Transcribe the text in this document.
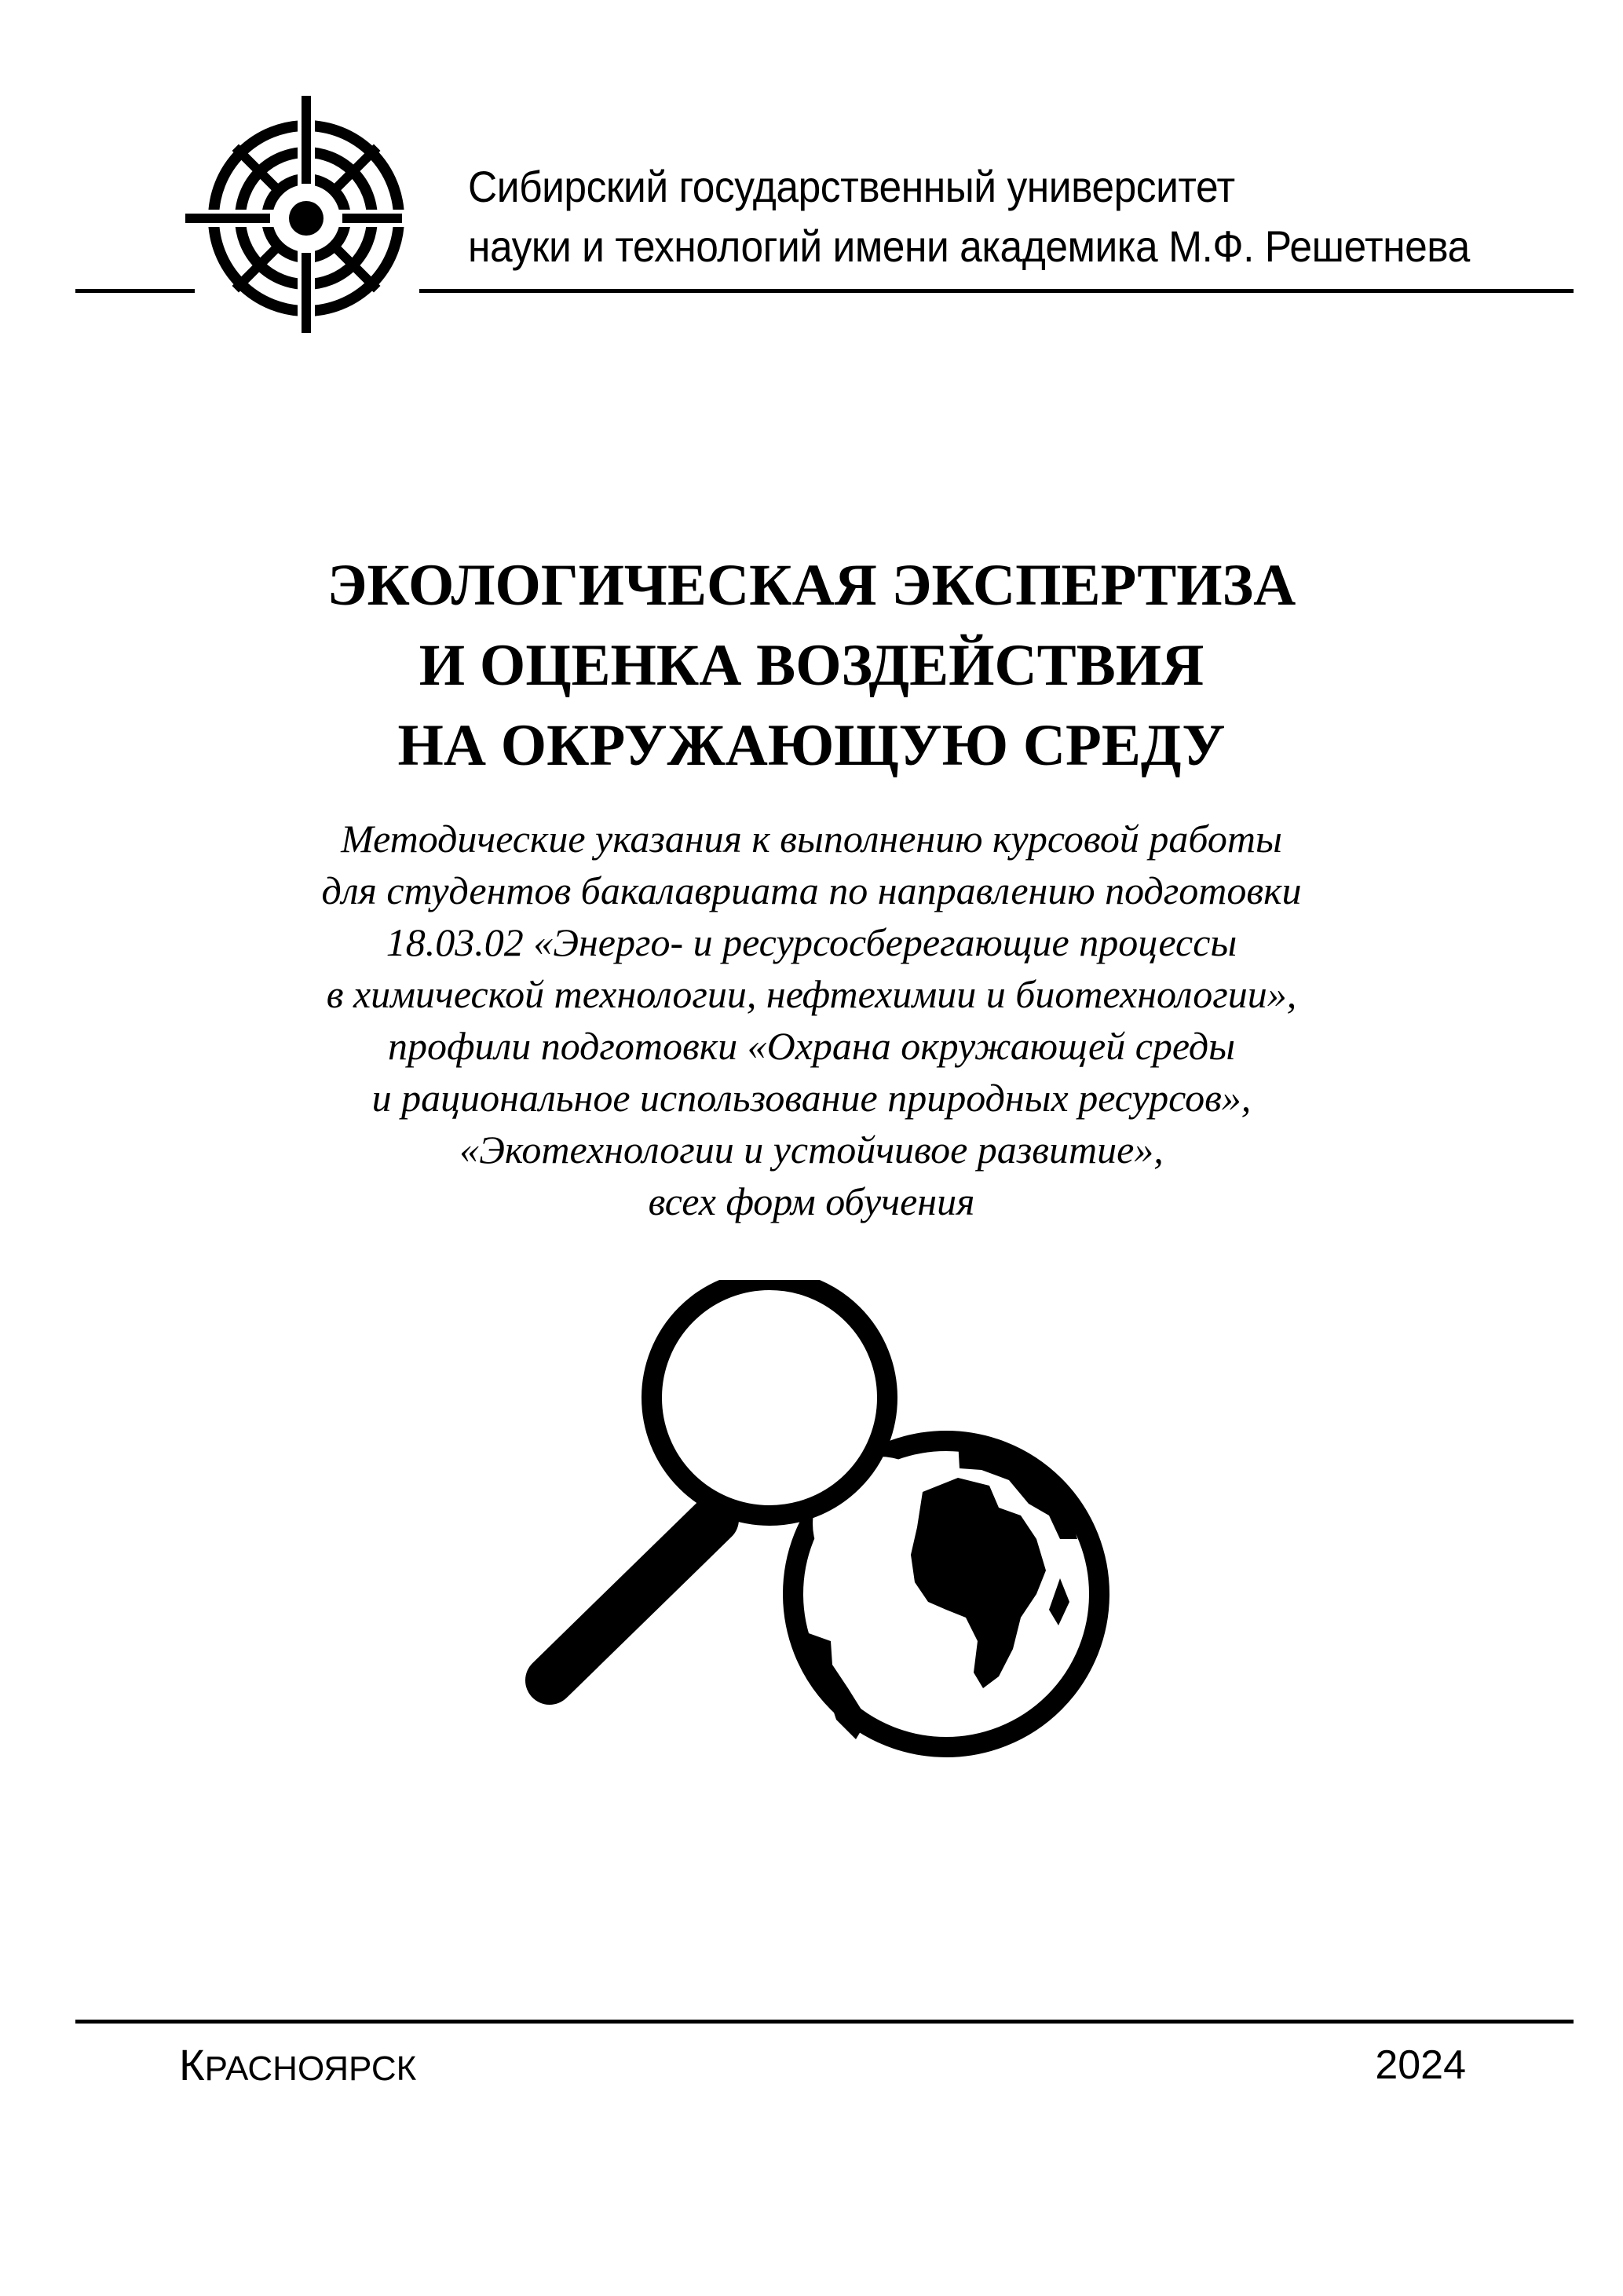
Сибирский государственный университет
науки и технологий имени академика М.Ф. Решетнева
ЭКОЛОГИЧЕСКАЯ ЭКСПЕРТИЗА
И ОЦЕНКА ВОЗДЕЙСТВИЯ
НА ОКРУЖАЮЩУЮ СРЕДУ
Методические указания к выполнению курсовой работы
для студентов бакалавриата по направлению подготовки
18.03.02 «Энерго- и ресурсосберегающие процессы
в химической технологии, нефтехимии и биотехнологии»,
профили подготовки «Охрана окружающей среды
и рациональное использование природных ресурсов»,
«Экотехнологии и устойчивое развитие»,
всех форм обучения
КРАСНОЯРСК	2024
